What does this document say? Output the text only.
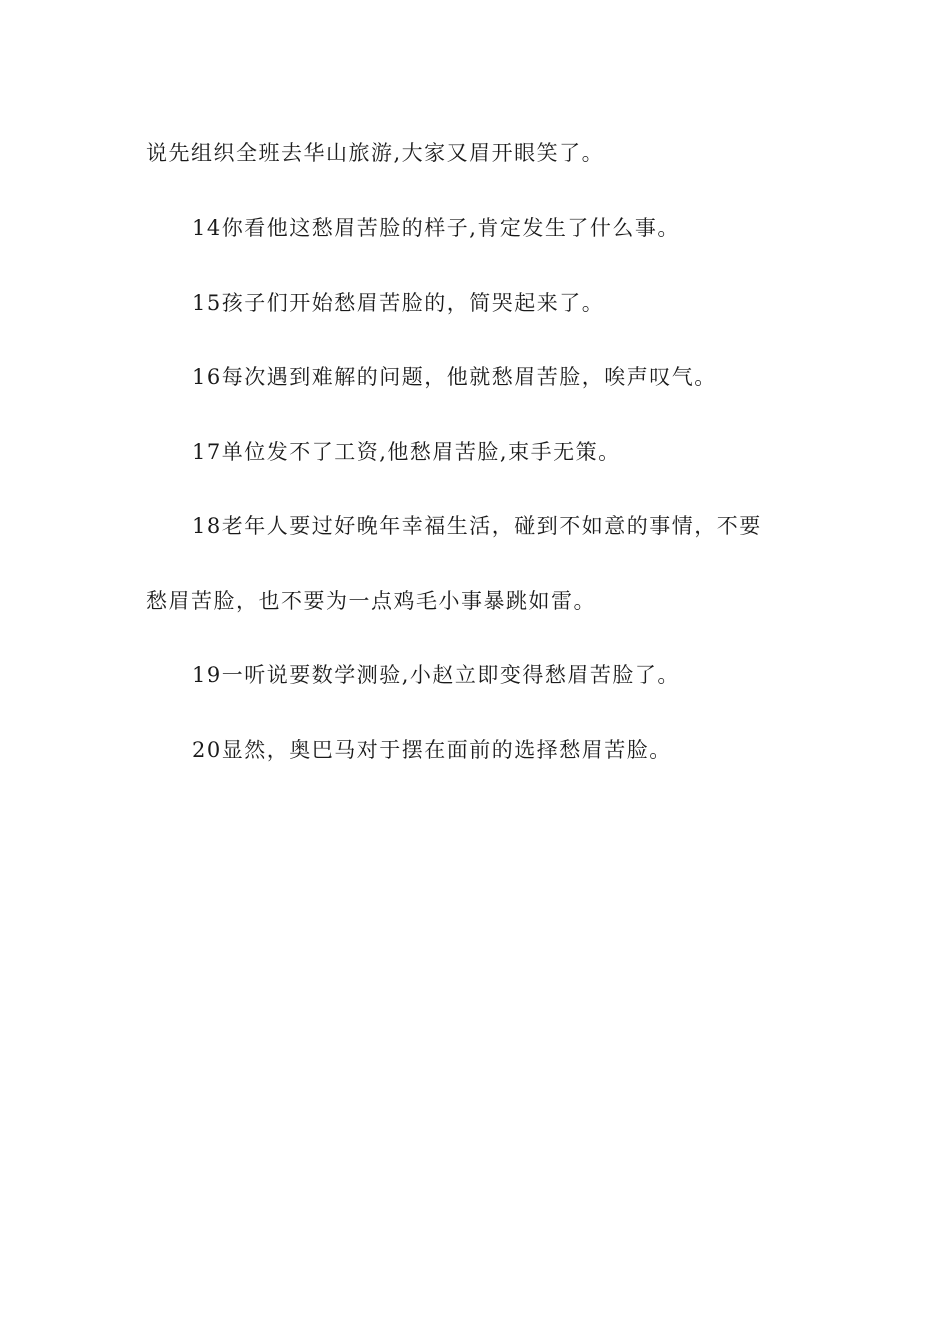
说先组织全班去华山旅游,大家又眉开眼笑了。
14你看他这愁眉苦脸的样子,肯定发生了什么事。
15孩子们开始愁眉苦脸的，简哭起来了。
16每次遇到难解的问题，他就愁眉苦脸，唉声叹气。
17单位发不了工资,他愁眉苦脸,束手无策。
18老年人要过好晚年幸福生活，碰到不如意的事情，不要
愁眉苦脸，也不要为一点鸡毛小事暴跳如雷。
19一听说要数学测验,小赵立即变得愁眉苦脸了。
20显然，奥巴马对于摆在面前的选择愁眉苦脸。
